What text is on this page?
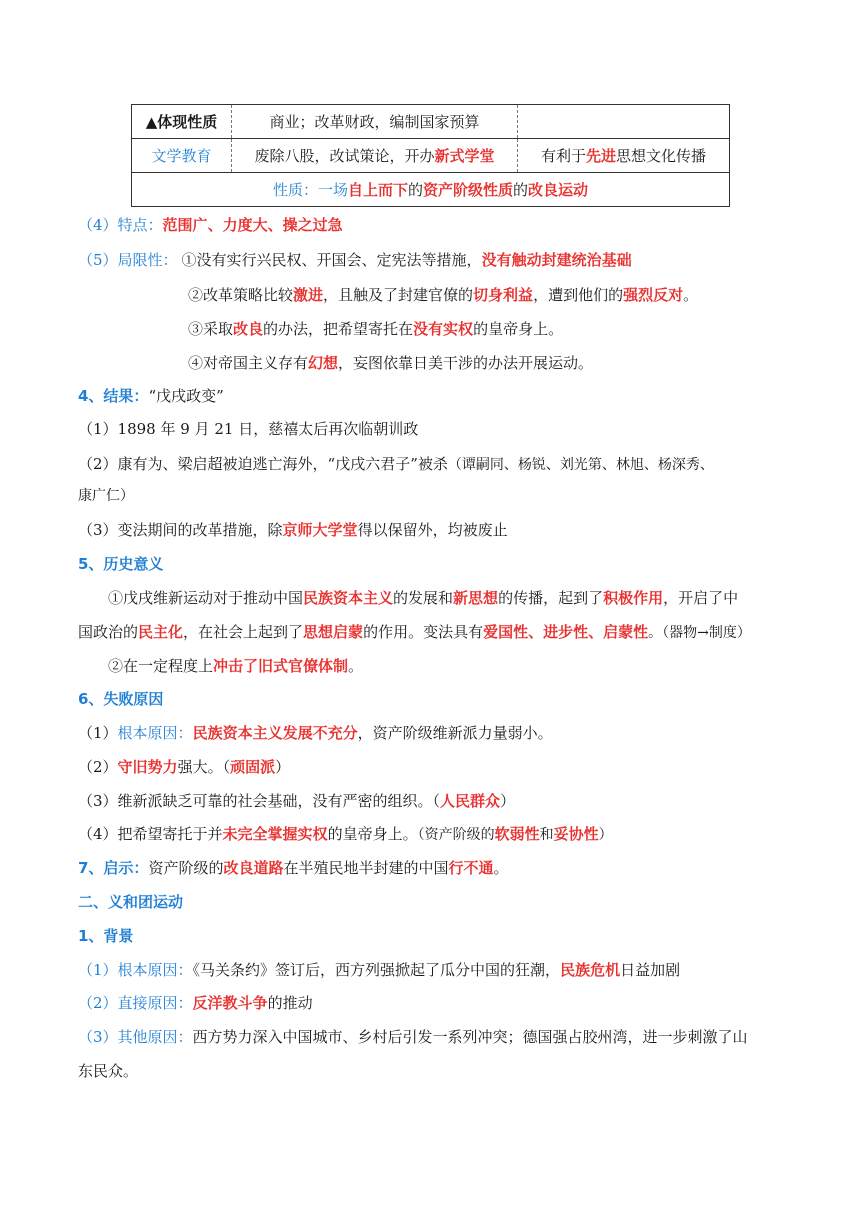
▲体现性质	商业；改革财政，编制国家预算	
文学教育	废除八股，改试策论，开办新式学堂	有利于先进思想文化传播
性质：一场自上而下的资产阶级性质的改良运动		
（4）特点：范围广、力度大、操之过急
（5）局限性： ①没有实行兴民权、开国会、定宪法等措施，没有触动封建统治基础
②改革策略比较激进，且触及了封建官僚的切身利益，遭到他们的强烈反对。
③采取改良的办法，把希望寄托在没有实权的皇帝身上。
④对帝国主义存有幻想，妄图依靠日美干涉的办法开展运动。
4、结果：“戊戌政变”
（1）1898 年 9 月 21 日，慈禧太后再次临朝训政
（2）康有为、梁启超被迫逃亡海外，“戊戌六君子”被杀（谭嗣同、杨锐、刘光第、林旭、杨深秀、
康广仁）
（3）变法期间的改革措施，除京师大学堂得以保留外，均被废止
5、历史意义
①戊戌维新运动对于推动中国民族资本主义的发展和新思想的传播，起到了积极作用，开启了中
国政治的民主化，在社会上起到了思想启蒙的作用。变法具有爱国性、进步性、启蒙性。（器物→制度）
②在一定程度上冲击了旧式官僚体制。
6、失败原因
（1）根本原因：民族资本主义发展不充分，资产阶级维新派力量弱小。
（2）守旧势力强大。（顽固派）
（3）维新派缺乏可靠的社会基础，没有严密的组织。（人民群众）
（4）把希望寄托于并未完全掌握实权的皇帝身上。（资产阶级的软弱性和妥协性）
7、启示：资产阶级的改良道路在半殖民地半封建的中国行不通。
二、义和团运动
1、背景
（1）根本原因：《马关条约》签订后，西方列强掀起了瓜分中国的狂潮，民族危机日益加剧
（2）直接原因：反洋教斗争的推动
（3）其他原因：西方势力深入中国城市、乡村后引发一系列冲突；德国强占胶州湾，进一步刺激了山
东民众。
